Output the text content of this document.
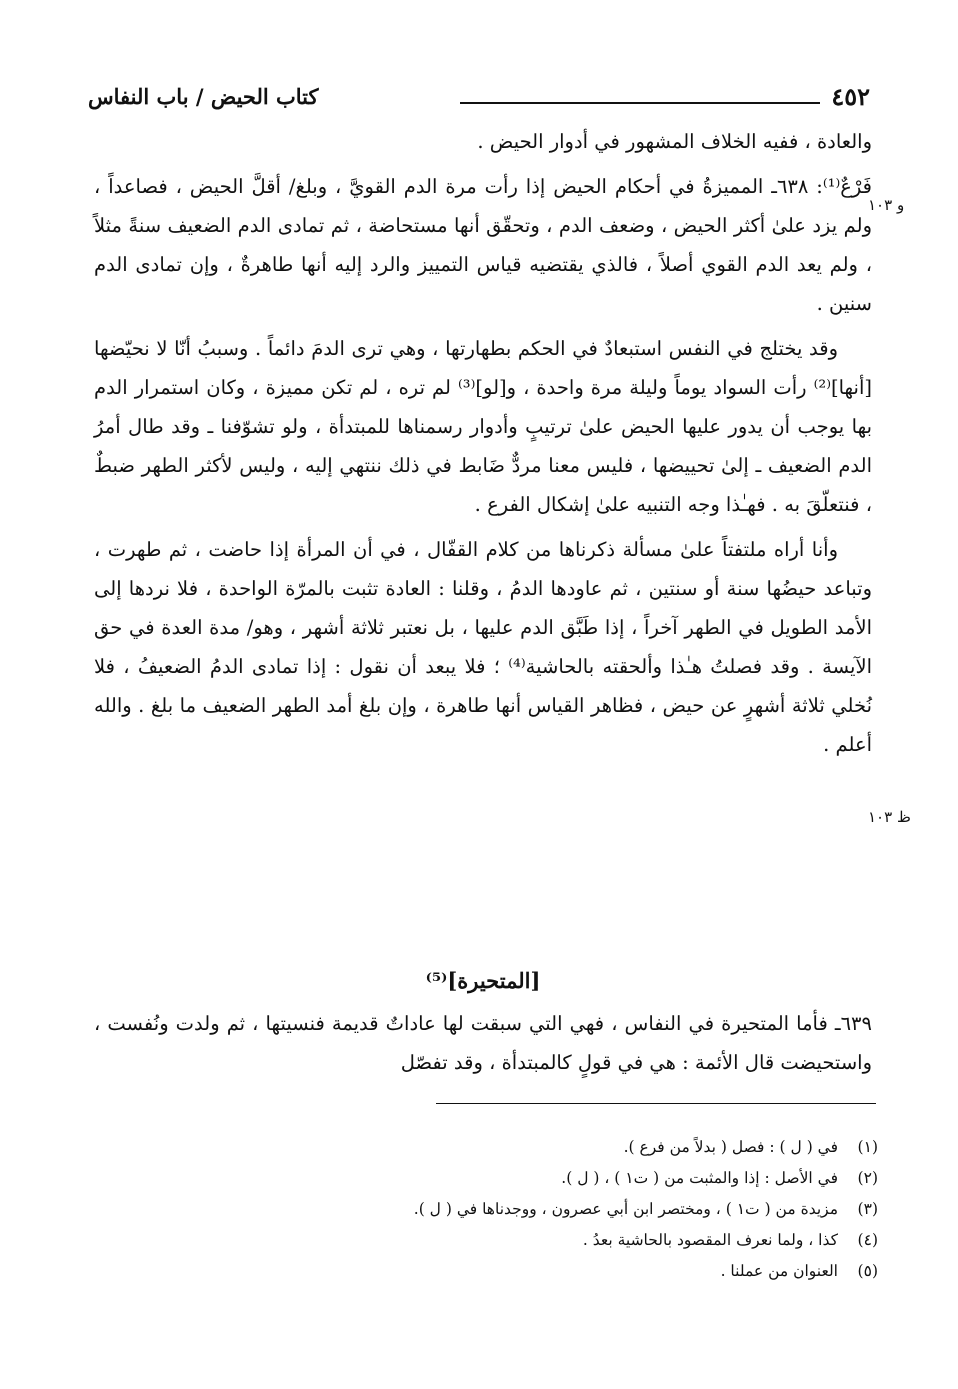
٤٥٢
كتاب الحيض / باب النفاس
و ١٠٣
ظ ١٠٣

والعادة ، ففيه الخلاف المشهور في أدوار الحيض .

فَرْعٌ⁽¹⁾: ٦٣٨ـ المميزةُ في أحكام الحيض إذا رأت مرة الدم القويَّ ، وبلغ/ أقلَّ الحيض ، فصاعداً ، ولم يزد علىٰ أكثر الحيض ، وضعف الدم ، وتحقّق أنها مستحاضة ، ثم تمادى الدم الضعيف سنةً مثلاً ، ولم يعد الدم القوي أصلاً ، فالذي يقتضيه قياس التمييز والرد إليه أنها طاهرةٌ ، وإن تمادى الدم سنين .

وقد يختلج في النفس استبعادٌ في الحكم بطهارتها ، وهي ترى الدمَ دائماً . وسببُ أنّا لا نحيّضها [أنها]⁽²⁾ رأت السواد يوماً وليلة مرة واحدة ، و[لو]⁽³⁾ لم تره ، لم تكن مميزة ، وكان استمرار الدم بها يوجب أن يدور عليها الحيض علىٰ ترتيبٍ وأدوار رسمناها للمبتدأة ، ولو تشوّفنا ـ وقد طال أمرُ الدم الضعيف ـ إلىٰ تحييضها ، فليس معنا مردٌّ ضَابط في ذلك ننتهي إليه ، وليس لأكثر الطهر ضبطٌ ، فنتعلّقَ به . فهـٰذا وجه التنبيه علىٰ إشكال الفرع .

وأنا أراه ملتفتاً علىٰ مسألة ذكرناها من كلام القفّال ، في أن المرأة إذا حاضت ، ثم طهرت ، وتباعد حيضُها سنة أو سنتين ، ثم عاودها الدمُ ، وقلنا : العادة تثبت بالمرّة الواحدة ، فلا نردها إلى الأمد الطويل في الطهر آخراً ، إذا طَبَّق الدم عليها ، بل نعتبر ثلاثة أشهر ، وهو/ مدة العدة في حق الآيسة . وقد فصلتُ هـٰذا وألحقته بالحاشية⁽⁴⁾ ؛ فلا يبعد أن نقول : إذا تمادى الدمُ الضعيفُ ، فلا نُخلي ثلاثة أشهرٍ عن حيض ، فظاهر القياس أنها طاهرة ، وإن بلغ أمد الطهر الضعيف ما بلغ . والله أعلم .

[المتحيرة]⁽⁵⁾

٦٣٩ـ فأما المتحيرة في النفاس ، فهي التي سبقت لها عاداتٌ قديمة فنسيتها ، ثم ولدت ونُفست ، واستحيضت قال الأئمة : هي في قولٍ كالمبتدأة ، وقد تفصّل

(١)
في ( ل ) : فصل ( بدلاً من فرع ).
(٢)
في الأصل : إذا والمثبت من ( ت١ ) ، ( ل ).
(٣)
مزيدة من ( ت١ ) ، ومختصر ابن أبي عصرون ، ووجدناها في ( ل ).
(٤)
كذا ، ولما نعرف المقصود بالحاشية بعدُ .
(٥)
العنوان من عملنا .
